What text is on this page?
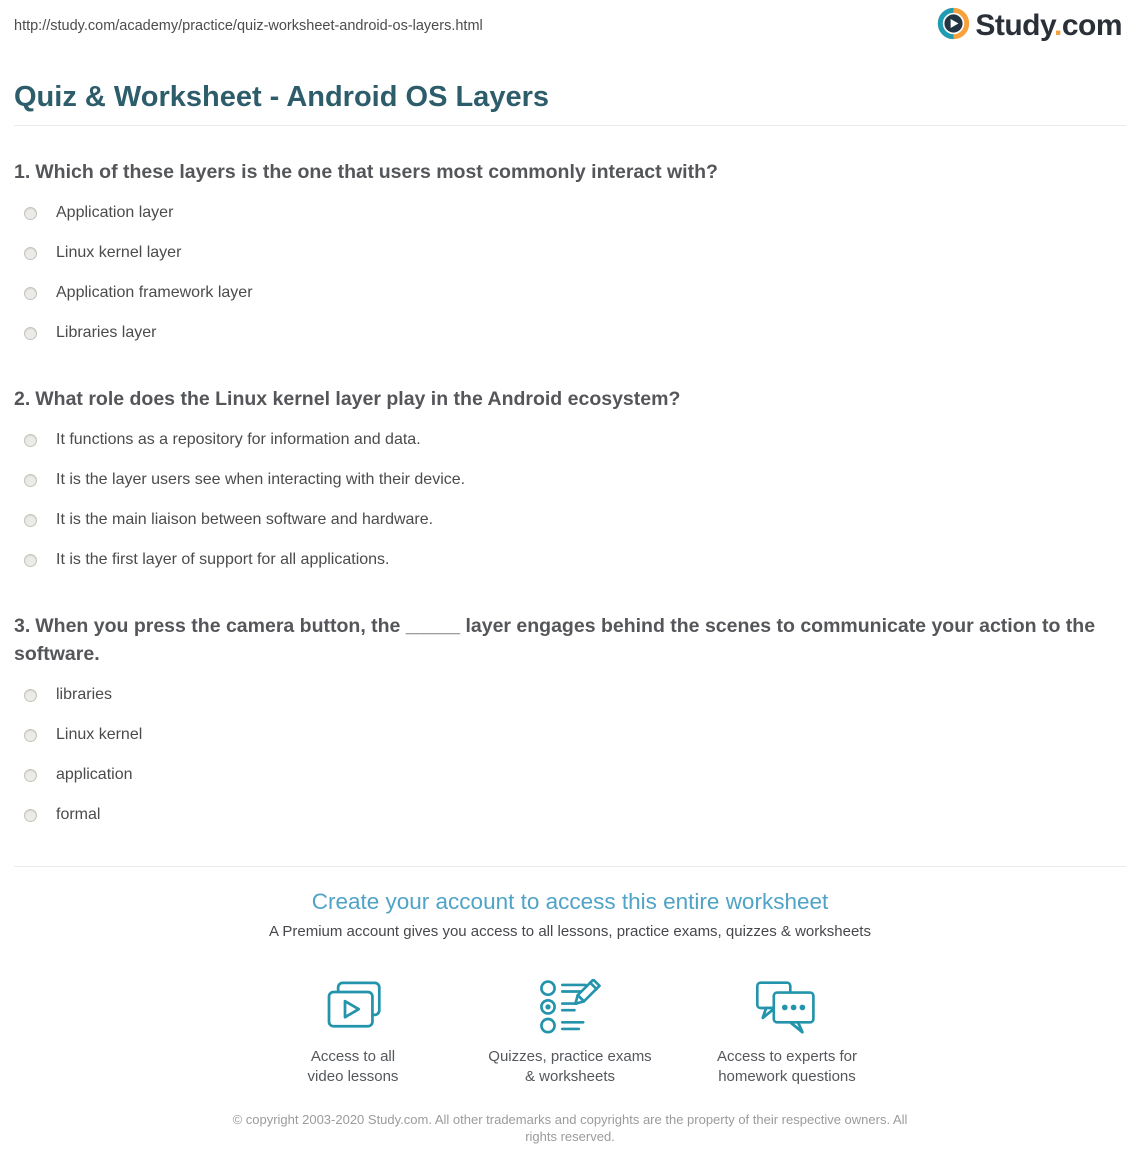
http://study.com/academy/practice/quiz-worksheet-android-os-layers.html	Study.com
Quiz & Worksheet - Android OS Layers
1. Which of these layers is the one that users most commonly interact with?
Application layer
Linux kernel layer
Application framework layer
Libraries layer
2. What role does the Linux kernel layer play in the Android ecosystem?
It functions as a repository for information and data.
It is the layer users see when interacting with their device.
It is the main liaison between software and hardware.
It is the first layer of support for all applications.
3. When you press the camera button, the _____ layer engages behind the scenes to communicate your action to the software.
libraries
Linux kernel
application
formal
Create your account to access this entire worksheet
A Premium account gives you access to all lessons, practice exams, quizzes & worksheets
Access to all
video lessons
Quizzes, practice exams
& worksheets
Access to experts for
homework questions
© copyright 2003-2020 Study.com. All other trademarks and copyrights are the property of their respective owners. All rights reserved.
